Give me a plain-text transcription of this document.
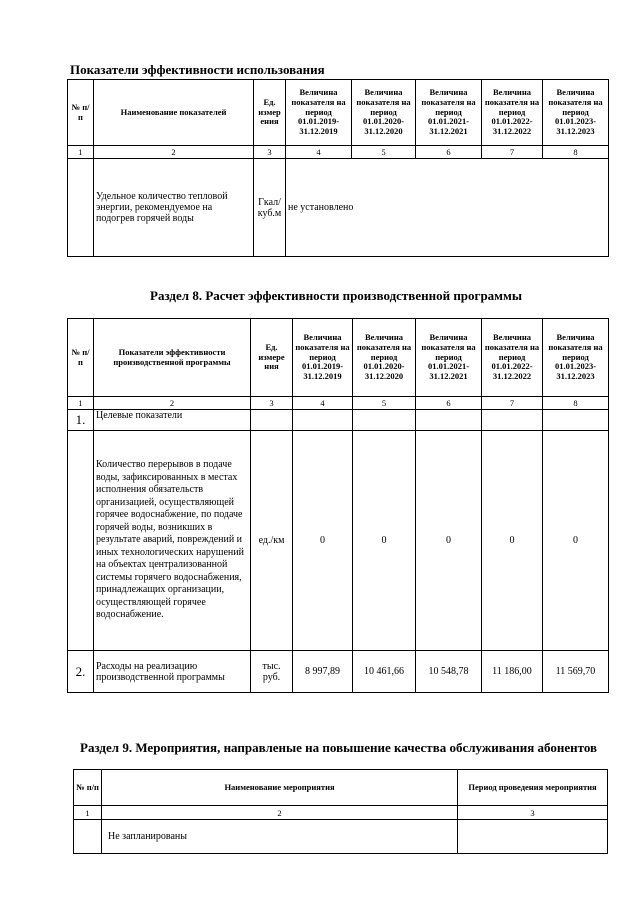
Показатели эффективности использования
№ п/п	Наименование показателей	Ед. измер ения	Величина показателя на период 01.01.2019-31.12.2019	Величина показателя на период 01.01.2020-31.12.2020	Величина показателя на период 01.01.2021-31.12.2021	Величина показателя на период 01.01.2022-31.12.2022	Величина показателя на период 01.01.2023-31.12.2023
1	2	3	4	5	6	7	8
	Удельное количество тепловой энергии, рекомендуемое на подогрев горячей воды	Гкал/ куб.м	не установлено				
Раздел 8. Расчет эффективности производственной программы
№ п/п	Показатели эффективности производственной программы	Ед. измере ния	Величина показателя на период 01.01.2019-31.12.2019	Величина показателя на период 01.01.2020-31.12.2020	Величина показателя на период 01.01.2021-31.12.2021	Величина показателя на период 01.01.2022-31.12.2022	Величина показателя на период 01.01.2023-31.12.2023
1	2	3	4	5	6	7	8
1.	Целевые показатели						
	Количество перерывов в подаче воды, зафиксированных в местах исполнения обязательств организацией, осуществляющей горячее водоснабжение, по подаче горячей воды, возникших в результате аварий, повреждений и иных технологических нарушений на объектах централизованной системы горячего водоснабжения, принадлежащих организации, осуществляющей горячее водоснабжение.	ед./км	0	0	0	0	0
2.	Расходы на реализацию производственной программы	тыс. руб.	8 997,89	10 461,66	10 548,78	11 186,00	11 569,70
Раздел 9. Мероприятия, направленые на повышение качества обслуживания абонентов
№ п/п	Наименование мероприятия	Период проведения мероприятия
1	2	3
	Не запланированы	
